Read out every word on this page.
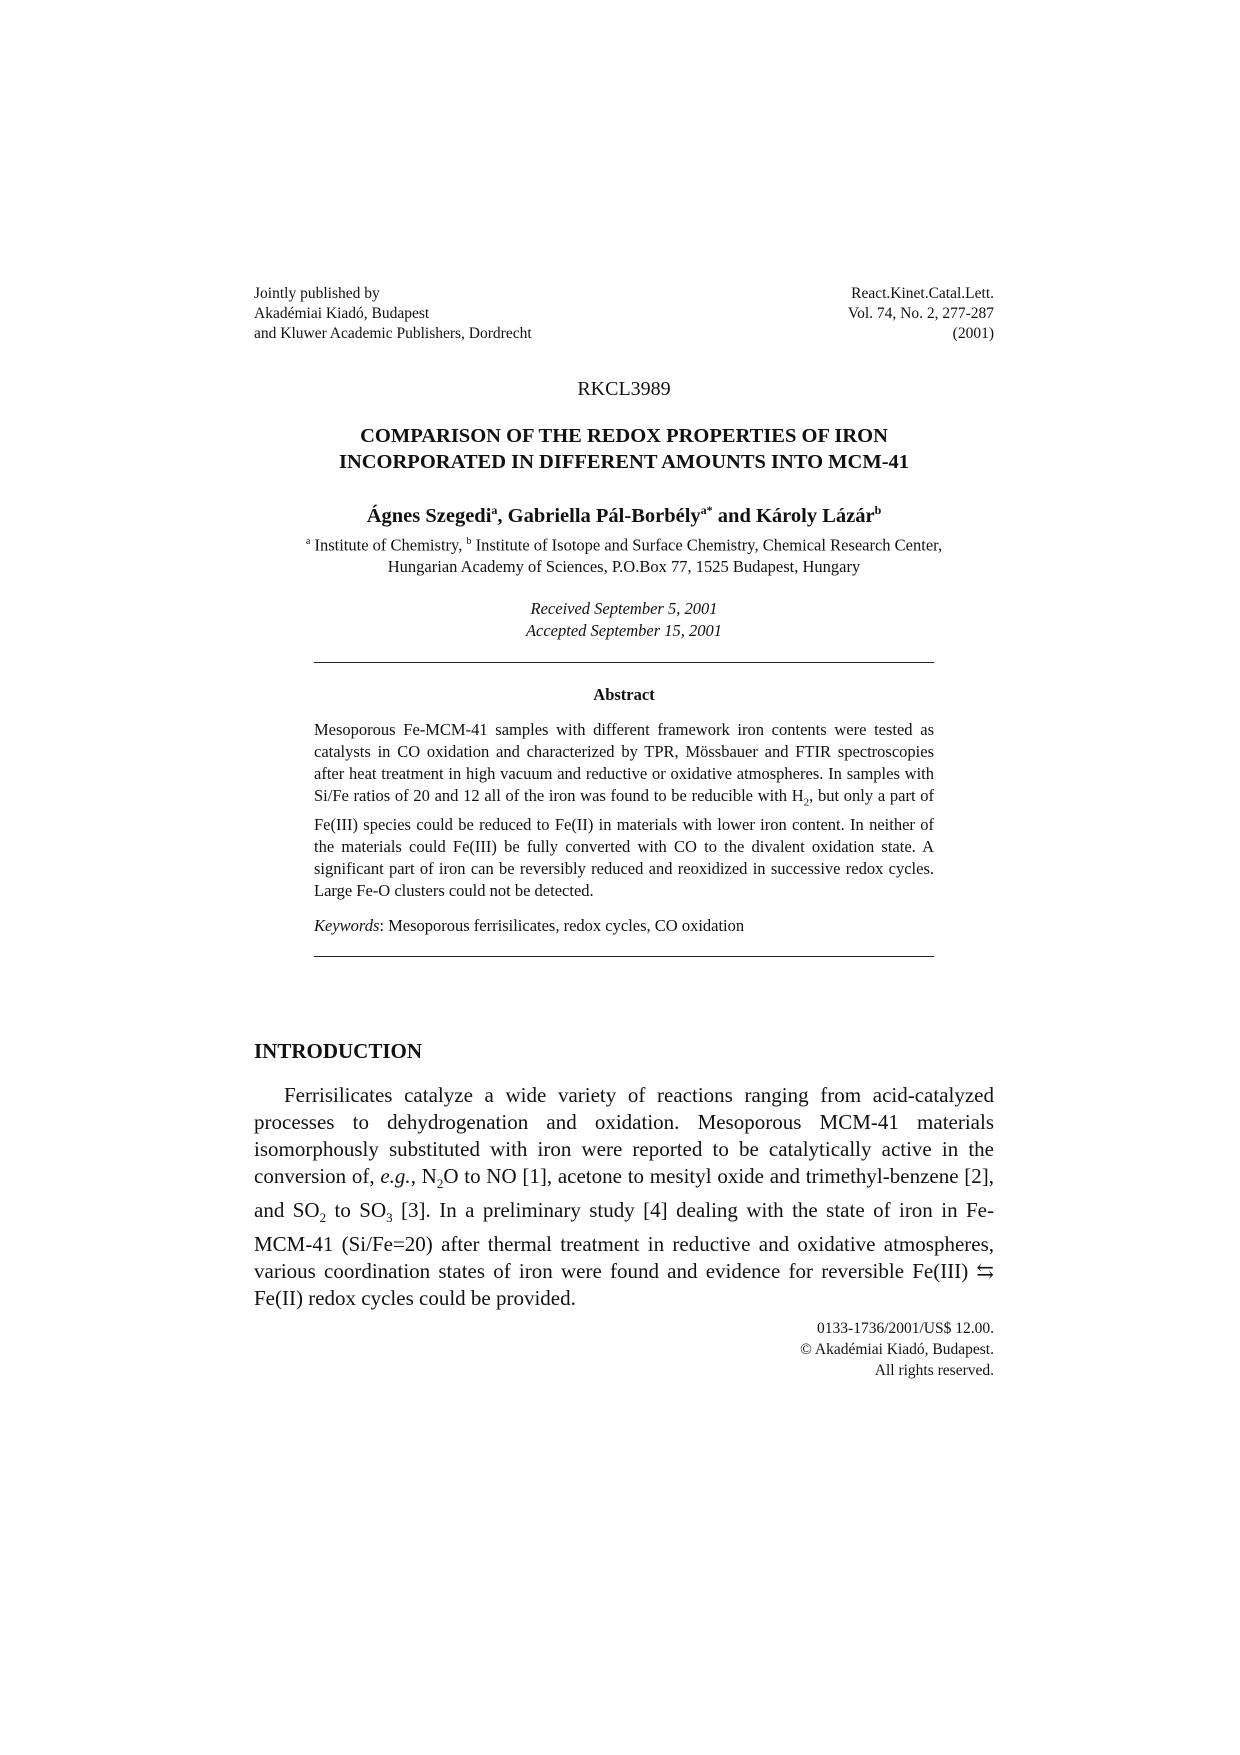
Jointly published by
Akadémiai Kiadó, Budapest
and Kluwer Academic Publishers, Dordrecht
React.Kinet.Catal.Lett.
Vol. 74, No. 2, 277-287
(2001)
RKCL3989
COMPARISON OF THE REDOX PROPERTIES OF IRON
INCORPORATED IN DIFFERENT AMOUNTS INTO MCM-41
Ágnes Szegedi$^a$, Gabriella Pál-Borbély$^{a*}$ and Károly Lázár$^b$
$^a$ Institute of Chemistry, $^b$ Institute of Isotope and Surface Chemistry, Chemical Research Center,
Hungarian Academy of Sciences, P.O.Box 77, 1525 Budapest, Hungary
Received September 5, 2001
Accepted September 15, 2001
Abstract
Mesoporous Fe-MCM-41 samples with different framework iron contents were tested as catalysts in CO oxidation and characterized by TPR, Mössbauer and FTIR spectroscopies after heat treatment in high vacuum and reductive or oxidative atmospheres. In samples with Si/Fe ratios of 20 and 12 all of the iron was found to be reducible with $H_2$, but only a part of Fe(III) species could be reduced to Fe(II) in materials with lower iron content. In neither of the materials could Fe(III) be fully converted with CO to the divalent oxidation state. A significant part of iron can be reversibly reduced and reoxidized in successive redox cycles. Large Fe-O clusters could not be detected.
Keywords: Mesoporous ferrisilicates, redox cycles, CO oxidation
INTRODUCTION
Ferrisilicates catalyze a wide variety of reactions ranging from acid-catalyzed processes to dehydrogenation and oxidation. Mesoporous MCM-41 materials isomorphously substituted with iron were reported to be catalytically active in the conversion of, e.g., $N_2O$ to NO [1], acetone to mesityl oxide and trimethyl-benzene [2], and $SO_2$ to $SO_3$ [3]. In a preliminary study [4] dealing with the state of iron in Fe-MCM-41 (Si/Fe=20) after thermal treatment in reductive and oxidative atmospheres, various coordination states of iron were found and evidence for reversible Fe(III) ⇆ Fe(II) redox cycles could be provided.
0133-1736/2001/US$ 12.00.
© Akadémiai Kiadó, Budapest.
All rights reserved.
